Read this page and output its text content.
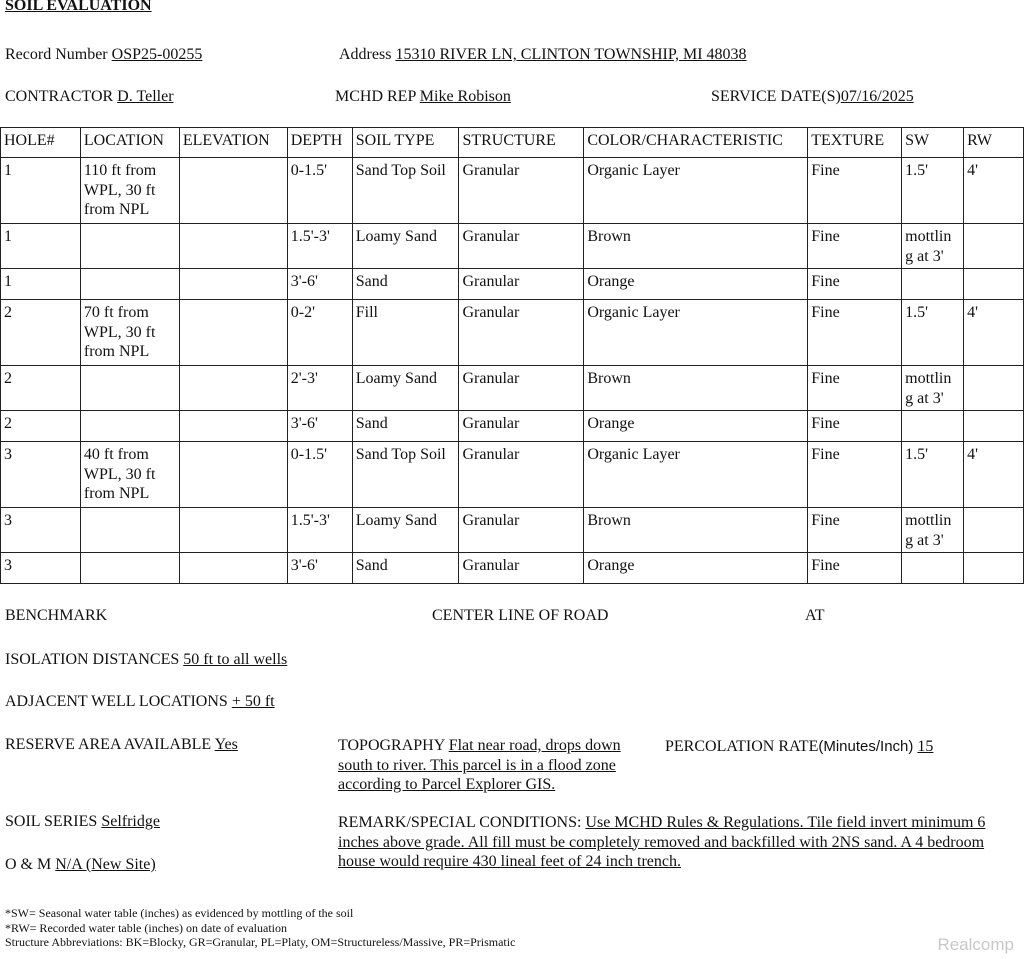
SOIL EVALUATION
Record Number OSP25-00255	Address 15310 RIVER LN, CLINTON TOWNSHIP, MI 48038
CONTRACTOR D. Teller	MCHD REP Mike Robison	SERVICE DATE(S)07/16/2025
HOLE#	LOCATION	ELEVATION	DEPTH	SOIL TYPE	STRUCTURE	COLOR/CHARACTERISTIC	TEXTURE	SW	RW
1	110 ft from WPL, 30 ft from NPL		0-1.5'	Sand Top Soil	Granular	Organic Layer	Fine	1.5'	4'
1			1.5'-3'	Loamy Sand	Granular	Brown	Fine	mottlin g at 3'	
1			3'-6'	Sand	Granular	Orange	Fine		
2	70 ft from WPL, 30 ft from NPL		0-2'	Fill	Granular	Organic Layer	Fine	1.5'	4'
2			2'-3'	Loamy Sand	Granular	Brown	Fine	mottlin g at 3'	
2			3'-6'	Sand	Granular	Orange	Fine		
3	40 ft from WPL, 30 ft from NPL		0-1.5'	Sand Top Soil	Granular	Organic Layer	Fine	1.5'	4'
3			1.5'-3'	Loamy Sand	Granular	Brown	Fine	mottlin g at 3'	
3			3'-6'	Sand	Granular	Orange	Fine		
BENCHMARK	CENTER LINE OF ROAD	AT
ISOLATION DISTANCES 50 ft to all wells
ADJACENT WELL LOCATIONS + 50 ft
RESERVE AREA AVAILABLE Yes	TOPOGRAPHY Flat near road, drops down south to river. This parcel is in a flood zone according to Parcel Explorer GIS.
PERCOLATION RATE(Minutes/Inch) 15
SOIL SERIES Selfridge	REMARK/SPECIAL CONDITIONS: Use MCHD Rules & Regulations. Tile field invert minimum 6 inches above grade. All fill must be completely removed and backfilled with 2NS sand. A 4 bedroom house would require 430 lineal feet of 24 inch trench.
O & M N/A (New Site)
*SW= Seasonal water table (inches) as evidenced by mottling of the soil
*RW= Recorded water table (inches) on date of evaluation
Structure Abbreviations: BK=Blocky, GR=Granular, PL=Platy, OM=Structureless/Massive, PR=Prismatic	Realcomp
